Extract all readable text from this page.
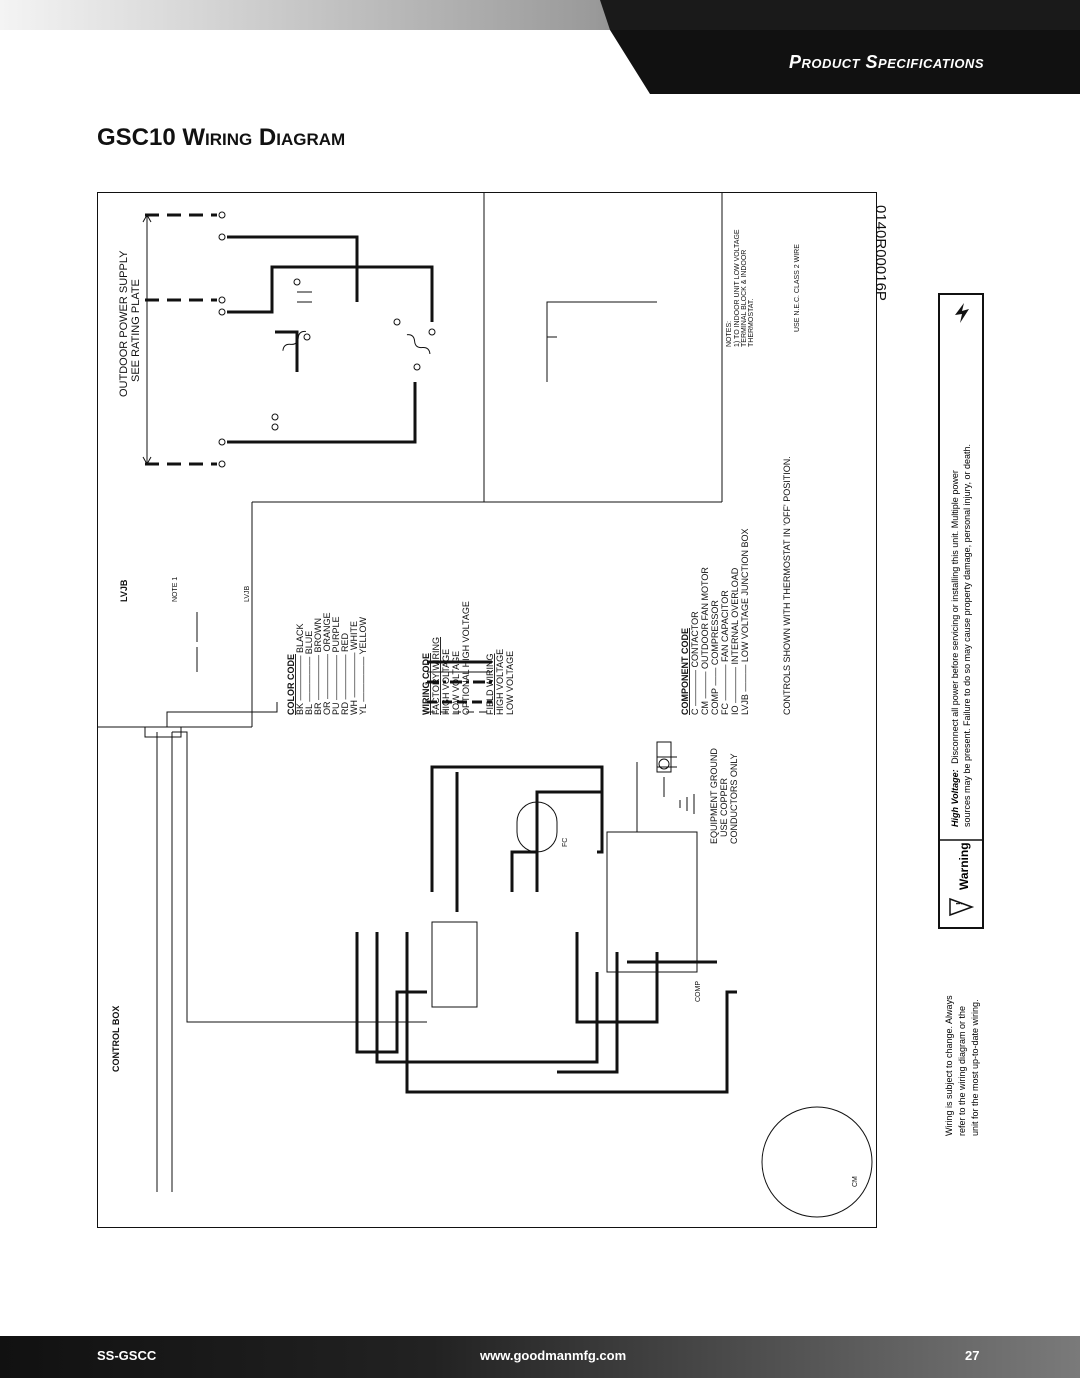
Product Specifications
GSC10 Wiring Diagram
0140R00016P
OUTDOOR POWER SUPPLY SEE RATING PLATE
CONTROL BOX
LVJB	LVJB
NOTE 1
COLOR CODE BK ————— BLACK
BL ————— BLUE
BR ————— BROWN
OR ————— ORANGE
PU ————— PURPLE
RD ————— RED
WH ————— WHITE
YL ————— YELLOW
WIRING CODE FACTORY WIRING HIGH VOLTAGE LOW VOLTAGE OPTIONAL HIGH VOLTAGE FIELD WIRING HIGH VOLTAGE LOW VOLTAGE	COMPONENT CODE C ———— CONTACTOR
CM ——— OUTDOOR FAN MOTOR
COMP —— COMPRESSOR
FC ———— FAN CAPACITOR
IO ———— INTERNAL OVERLOAD
LVJB ——— LOW VOLTAGE JUNCTION BOX	CONTROLS SHOWN WITH THERMOSTAT IN 'OFF' POSITION.
NOTES: 1) TO INDOOR UNIT LOW VOLTAGE TERMINAL BLOCK & INDOOR THERMOSTAT.	USE N.E.C. CLASS 2 WIRE
EQUIPMENT GROUND USE COPPER CONDUCTORS ONLY
COMP
CM
FC
!
Warning
High Voltage: Disconnect all power before servicing or installing this unit. Multiple power sources may be present. Failure to do so may cause property damage, personal injury, or death.
Wiring is subject to change. Always refer to the wiring diagram or the unit for the most up-to-date wiring.
SS-GSCC	www.goodmanmfg.com	27
